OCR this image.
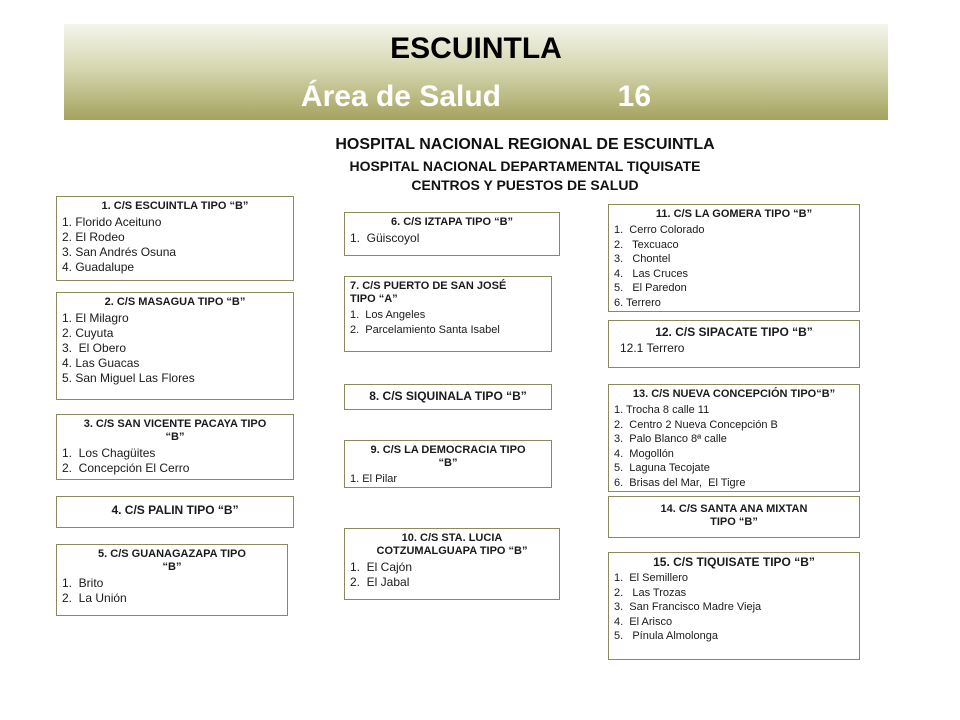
ESCUINTLA
Área de Salud              16
HOSPITAL NACIONAL REGIONAL DE ESCUINTLA
HOSPITAL NACIONAL DEPARTAMENTAL TIQUISATE
CENTROS Y PUESTOS DE SALUD
1. C/S ESCUINTLA TIPO “B”
1. Florido Aceituno
2. El Rodeo
3. San Andrés Osuna
4. Guadalupe
2. C/S MASAGUA TIPO “B”
1. El Milagro
2. Cuyuta
3.  El Obero
4. Las Guacas
5. San Miguel Las Flores
3. C/S SAN VICENTE PACAYA TIPO
“B”
1.  Los Chagüites
2.  Concepción El Cerro
4. C/S PALIN TIPO “B”
5. C/S GUANAGAZAPA TIPO
“B”
1.  Brito
2.  La Unión
6. C/S IZTAPA TIPO “B”
1.  Güiscoyol
7. C/S PUERTO DE SAN JOSÉ
TIPO “A”
1.  Los Angeles
2.  Parcelamiento Santa Isabel
8. C/S SIQUINALA TIPO “B”
9. C/S LA DEMOCRACIA TIPO
“B”
1. El Pilar
10. C/S STA. LUCIA
COTZUMALGUAPA TIPO “B”
1.  El Cajón
2.  El Jabal
11. C/S LA GOMERA TIPO “B”
1.  Cerro Colorado
2.   Texcuaco
3.   Chontel
4.   Las Cruces
5.   El Paredon
6. Terrero
12. C/S SIPACATE TIPO “B”
12.1 Terrero
13. C/S NUEVA CONCEPCIÓN TIPO“B”
1. Trocha 8 calle 11
2.  Centro 2 Nueva Concepción B
3.  Palo Blanco 8ª calle
4.  Mogollón
5.  Laguna Tecojate
6.  Brisas del Mar,  El Tigre
14. C/S SANTA ANA MIXTAN
TIPO “B”
15. C/S TIQUISATE TIPO “B”
1.  El Semillero
2.   Las Trozas
3.  San Francisco Madre Vieja
4.  El Arisco
5.   Pínula Almolonga
